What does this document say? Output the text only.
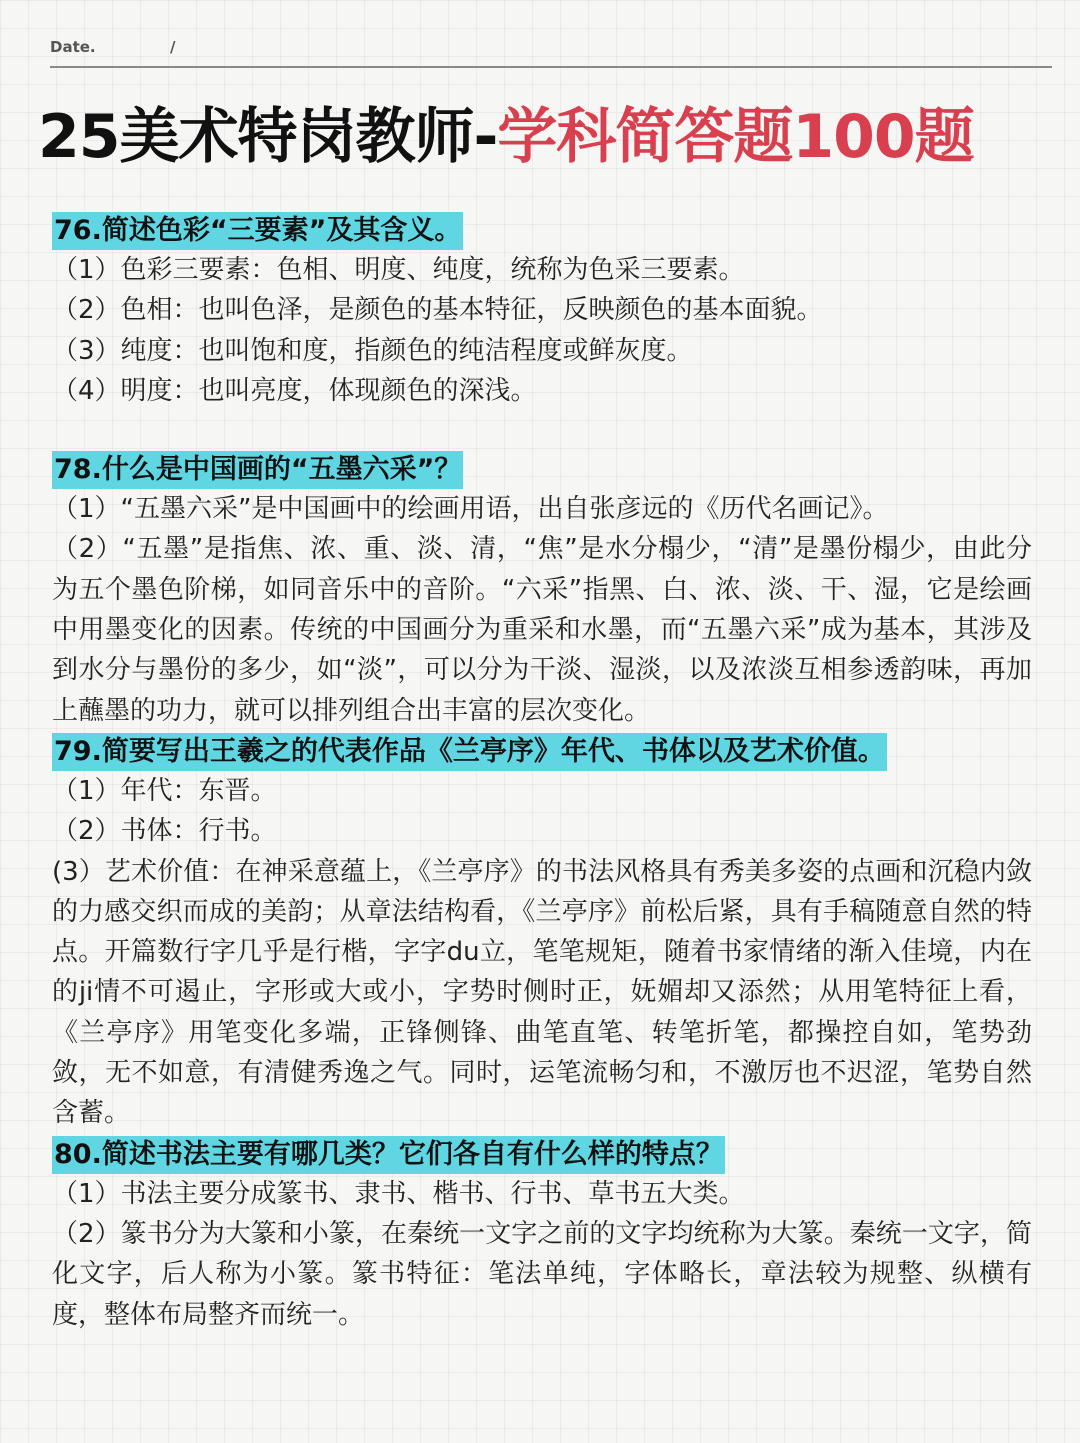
Date.	/
25美术特岗教师-学科简答题100题
76.简述色彩“三要素”及其含义。

（1）色彩三要素：色相、明度、纯度，统称为色采三要素。

（2）色相：也叫色泽，是颜色的基本特征，反映颜色的基本面貌。

（3）纯度：也叫饱和度，指颜色的纯洁程度或鲜灰度。

（4）明度：也叫亮度，体现颜色的深浅。

78.什么是中国画的“五墨六采”？

（1）“五墨六采”是中国画中的绘画用语，出自张彦远的《历代名画记》。

（2）“五墨”是指焦、浓、重、淡、清，“焦”是水分榻少，“清”是墨份榻少，由此分为五个墨色阶梯，如同音乐中的音阶。“六采”指黑、白、浓、淡、干、湿，它是绘画中用墨变化的因素。传统的中国画分为重采和水墨，而“五墨六采”成为基本，其涉及到水分与墨份的多少，如“淡”，可以分为干淡、湿淡，以及浓淡互相参透韵味，再加上蘸墨的功力，就可以排列组合出丰富的层次变化。

79.简要写出王羲之的代表作品《兰亭序》年代、书体以及艺术价值。

（1）年代：东晋。

（2）书体：行书。

(3）艺术价值：在神采意蕴上，《兰亭序》的书法风格具有秀美多姿的点画和沉稳内敛的力感交织而成的美韵；从章法结构看，《兰亭序》前松后紧，具有手稿随意自然的特点。开篇数行字几乎是行楷，字字du立，笔笔规矩，随着书家情绪的渐入佳境，内在的ji情不可遏止，字形或大或小，字势时侧时正，妩媚却又添然；从用笔特征上看，《兰亭序》用笔变化多端，正锋侧锋、曲笔直笔、转笔折笔，都操控自如，笔势劲敛，无不如意，有清健秀逸之气。同时，运笔流畅匀和，不激厉也不迟涩，笔势自然含蓄。

80.简述书法主要有哪几类？它们各自有什么样的特点？

（1）书法主要分成篆书、隶书、楷书、行书、草书五大类。

（2）篆书分为大篆和小篆，在秦统一文字之前的文字均统称为大篆。秦统一文字，简化文字，后人称为小篆。篆书特征：笔法单纯，字体略长，章法较为规整、纵横有度，整体布局整齐而统一。
